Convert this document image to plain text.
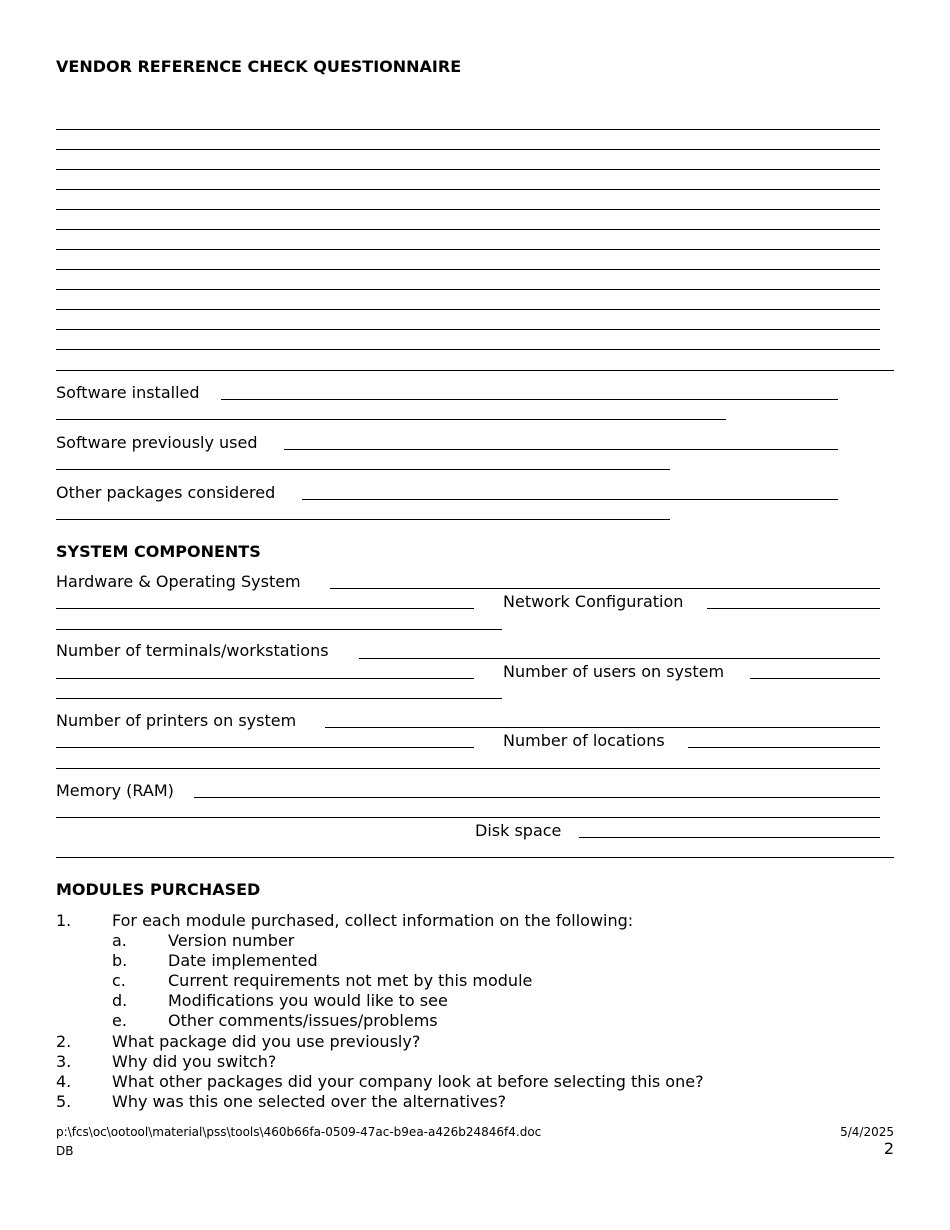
VENDOR REFERENCE CHECK QUESTIONNAIRE
Software installed
Software previously used
Other packages considered
SYSTEM COMPONENTS
Hardware & Operating System
Network Configuration
Number of terminals/workstations
Number of users on system
Number of printers on system
Number of locations
Memory (RAM)
Disk space
MODULES PURCHASED
1.	For each module purchased, collect information on the following:
a.	Version number
b.	Date implemented
c.	Current requirements not met by this module
d.	Modifications you would like to see
e.	Other comments/issues/problems
2.	What package did you use previously?
3.	Why did you switch?
4.	What other packages did your company look at before selecting this one?
5.	Why was this one selected over the alternatives?
p:\fcs\oc\ootool\material\pss\tools\460b66fa-0509-47ac-b9ea-a426b24846f4.doc
DB
5/4/2025
2
